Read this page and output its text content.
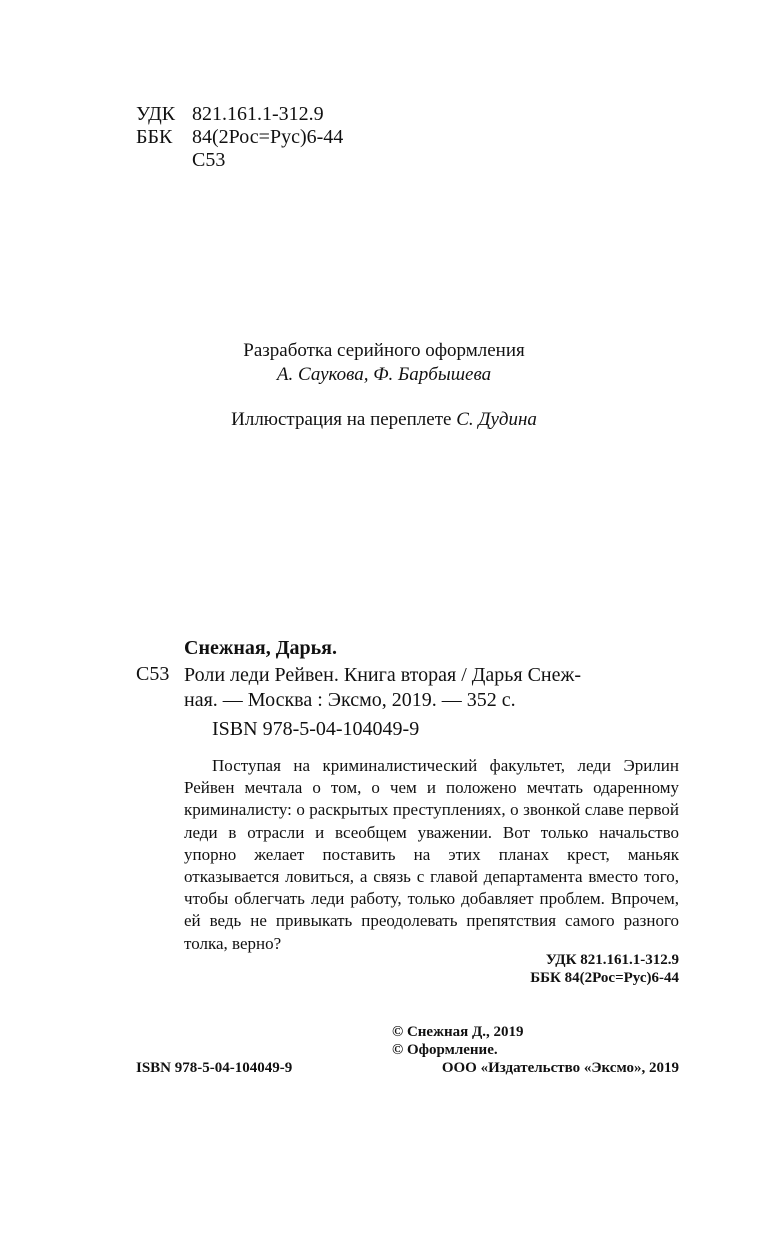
УДК 821.161.1-312.9
ББК 84(2Рос=Рус)6-44
С53
Разработка серийного оформления
А. Саукова, Ф. Барбышева
Иллюстрация на переплете С. Дудина
Снежная, Дарья.
С53 Роли леди Рейвен. Книга вторая / Дарья Снеж-
ная. — Москва : Эксмо, 2019. — 352 с.
ISBN 978-5-04-104049-9
Поступая на криминалистический факультет, леди Эрилин Рейвен мечтала о том, о чем и положено мечтать одаренному криминалисту: о раскрытых преступлениях, о звонкой славе первой леди в отрасли и всеобщем уважении. Вот только начальство упорно желает поставить на этих планах крест, маньяк отказывается ловиться, а связь с главой департамента вместо того, чтобы облегчать леди работу, только добавляет проблем. Впрочем, ей ведь не привыкать преодолевать препятствия самого разного толка, верно?
УДК 821.161.1-312.9
ББК 84(2Рос=Рус)6-44
© Снежная Д., 2019
© Оформление.
ООО «Издательство «Эксмо», 2019
ISBN 978-5-04-104049-9
